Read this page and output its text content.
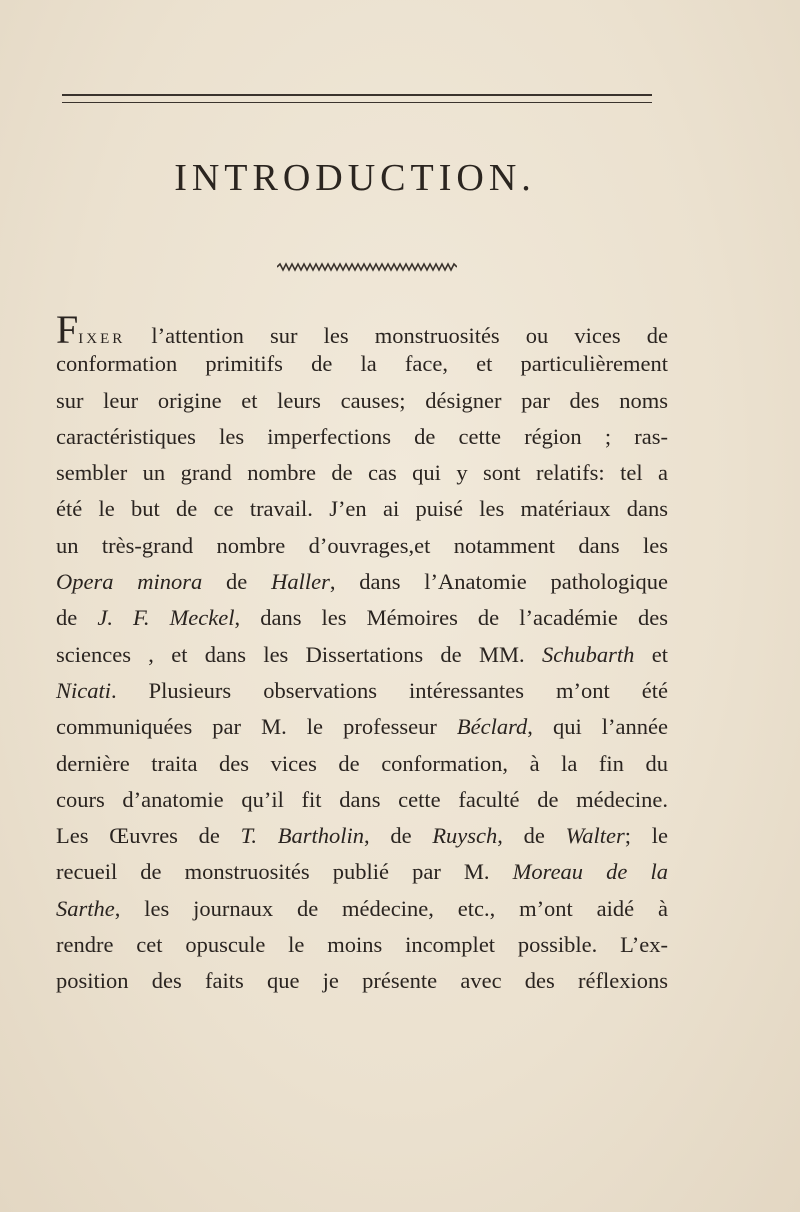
INTRODUCTION.
FIXER l’attention sur les monstruosités ou vices de
conformation primitifs de la face, et particulièrement
sur leur origine et leurs causes; désigner par des noms
caractéristiques les imperfections de cette région ; ras-
sembler un grand nombre de cas qui y sont relatifs: tel a
été le but de ce travail. J’en ai puisé les matériaux dans
un très-grand nombre d’ouvrages,et notamment dans les
Opera minora de Haller, dans l’Anatomie pathologique
de J. F. Meckel, dans les Mémoires de l’académie des
sciences , et dans les Dissertations de MM. Schubarth et
Nicati. Plusieurs observations intéressantes m’ont été
communiquées par M. le professeur Béclard, qui l’année
dernière traita des vices de conformation, à la fin du
cours d’anatomie qu’il fit dans cette faculté de médecine.
Les Œuvres de T. Bartholin, de Ruysch, de Walter; le
recueil de monstruosités publié par M. Moreau de la
Sarthe, les journaux de médecine, etc., m’ont aidé à
rendre cet opuscule le moins incomplet possible. L’ex-
position des faits que je présente avec des réflexions
